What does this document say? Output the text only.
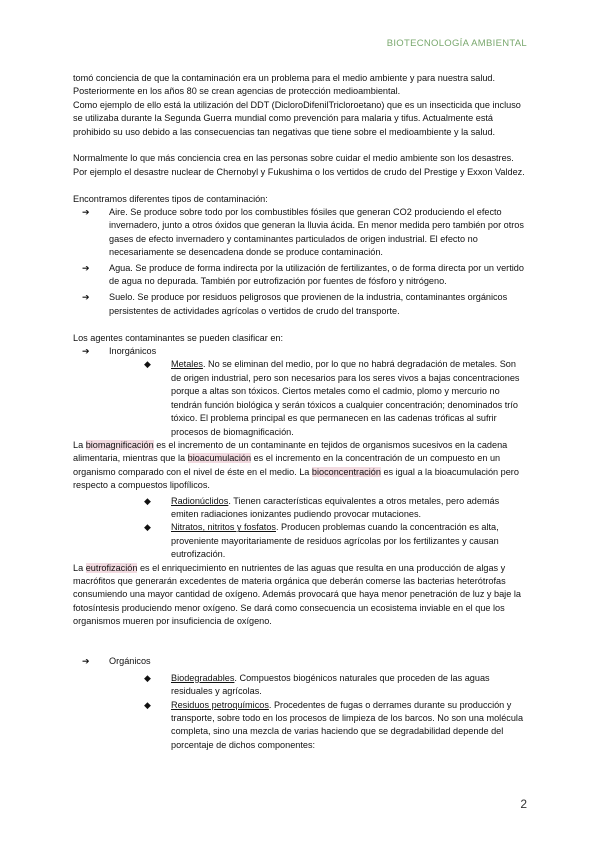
BIOTECNOLOGÍA AMBIENTAL

tomó conciencia de que la contaminación era un problema para el medio ambiente y para nuestra salud. Posteriormente en los años 80 se crean agencias de protección medioambiental.

Como ejemplo de ello está la utilización del DDT (DicloroDifenilTricloroetano) que es un insecticida que incluso se utilizaba durante la Segunda Guerra mundial como prevención para malaria y tifus. Actualmente está prohibido su uso debido a las consecuencias tan negativas que tiene sobre el medioambiente y la salud.

Normalmente lo que más conciencia crea en las personas sobre cuidar el medio ambiente son los desastres. Por ejemplo el desastre nuclear de Chernobyl y Fukushima o los vertidos de crudo del Prestige y Exxon Valdez.

Encontramos diferentes tipos de contaminación:

➔	Aire. Se produce sobre todo por los combustibles fósiles que generan CO2 produciendo el efecto invernadero, junto a otros óxidos que generan la lluvia ácida. En menor medida pero también por otros gases de efecto invernadero y contaminantes particulados de origen industrial. El efecto no necesariamente se desencadena donde se produce contaminación.
➔	Agua. Se produce de forma indirecta por la utilización de fertilizantes, o de forma directa por un vertido de agua no depurada. También por eutrofización por fuentes de fósforo y nitrógeno.
➔	Suelo. Se produce por residuos peligrosos que provienen de la industria, contaminantes orgánicos persistentes de actividades agrícolas o vertidos de crudo del transporte.

Los agentes contaminantes se pueden clasificar en:

➔	Inorgánicos
◆	Metales. No se eliminan del medio, por lo que no habrá degradación de metales. Son de origen industrial, pero son necesarios para los seres vivos a bajas concentraciones porque a altas son tóxicos. Ciertos metales como el cadmio, plomo y mercurio no tendrán función biológica y serán tóxicos a cualquier concentración; denominados trío tóxico. El problema principal es que permanecen en las cadenas tróficas al sufrir procesos de biomagnificación.

La biomagnificación es el incremento de un contaminante en tejidos de organismos sucesivos en la cadena alimentaria, mientras que la bioacumulación es el incremento en la concentración de un compuesto en un organismo comparado con el nivel de éste en el medio. La bioconcentración es igual a la bioacumulación pero respecto a compuestos lipofílicos.

◆	Radionúclidos. Tienen características equivalentes a otros metales, pero además emiten radiaciones ionizantes pudiendo provocar mutaciones.
◆	Nitratos, nitritos y fosfatos. Producen problemas cuando la concentración es alta, proveniente mayoritariamente de residuos agrícolas por los fertilizantes y causan eutrofización.

La eutrofización es el enriquecimiento en nutrientes de las aguas que resulta en una producción de algas y macrófitos que generarán excedentes de materia orgánica que deberán comerse las bacterias heterótrofas consumiendo una mayor cantidad de oxígeno. Además provocará que haya menor penetración de luz y baje la fotosíntesis produciendo menor oxígeno. Se dará como consecuencia un ecosistema inviable en el que los organismos mueren por insuficiencia de oxígeno.

➔	Orgánicos
◆	Biodegradables. Compuestos biogénicos naturales que proceden de las aguas residuales y agrícolas.
◆	Residuos petroquímicos. Procedentes de fugas o derrames durante su producción y transporte, sobre todo en los procesos de limpieza de los barcos. No son una molécula completa, sino una mezcla de varias haciendo que se degradabilidad depende del porcentaje de dichos componentes:
2
